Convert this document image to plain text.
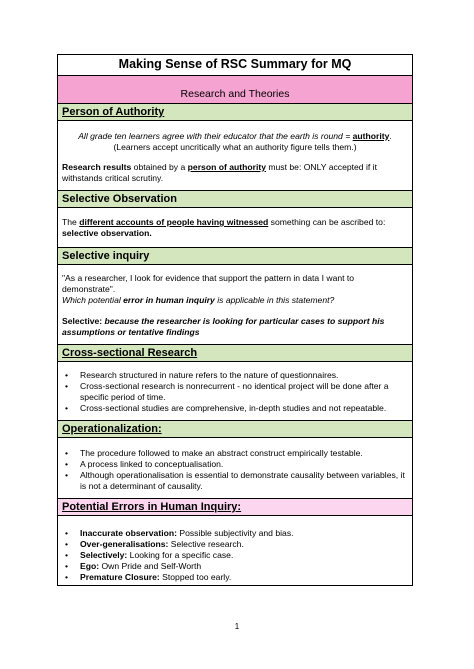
Making Sense of RSC Summary for MQ
Research and Theories
Person of Authority

All grade ten learners agree with their educator that the earth is round = authority.
(Learners accept uncritically what an authority figure tells them.)

Research results obtained by a person of authority must be: ONLY accepted if it withstands critical scrutiny.

Selective Observation

The different accounts of people having witnessed something can be ascribed to: selective observation.

Selective inquiry

"As a researcher, I look for evidence that support the pattern in data I want to demonstrate".
Which potential error in human inquiry is applicable in this statement?

Selective: because the researcher is looking for particular cases to support his assumptions or tentative findings

Cross-sectional Research
• Research structured in nature refers to the nature of questionnaires.
• Cross-sectional research is nonrecurrent - no identical project will be done after a specific period of time.
• Cross-sectional studies are comprehensive, in-depth studies and not repeatable.
Operationalization:
• The procedure followed to make an abstract construct empirically testable.
• A process linked to conceptualisation.
• Although operationalisation is essential to demonstrate causality between variables, it is not a determinant of causality.
Potential Errors in Human Inquiry:
• Inaccurate observation: Possible subjectivity and bias.
• Over-generalisations: Selective research.
• Selectively: Looking for a specific case.
• Ego: Own Pride and Self-Worth
• Premature Closure: Stopped too early.
1
